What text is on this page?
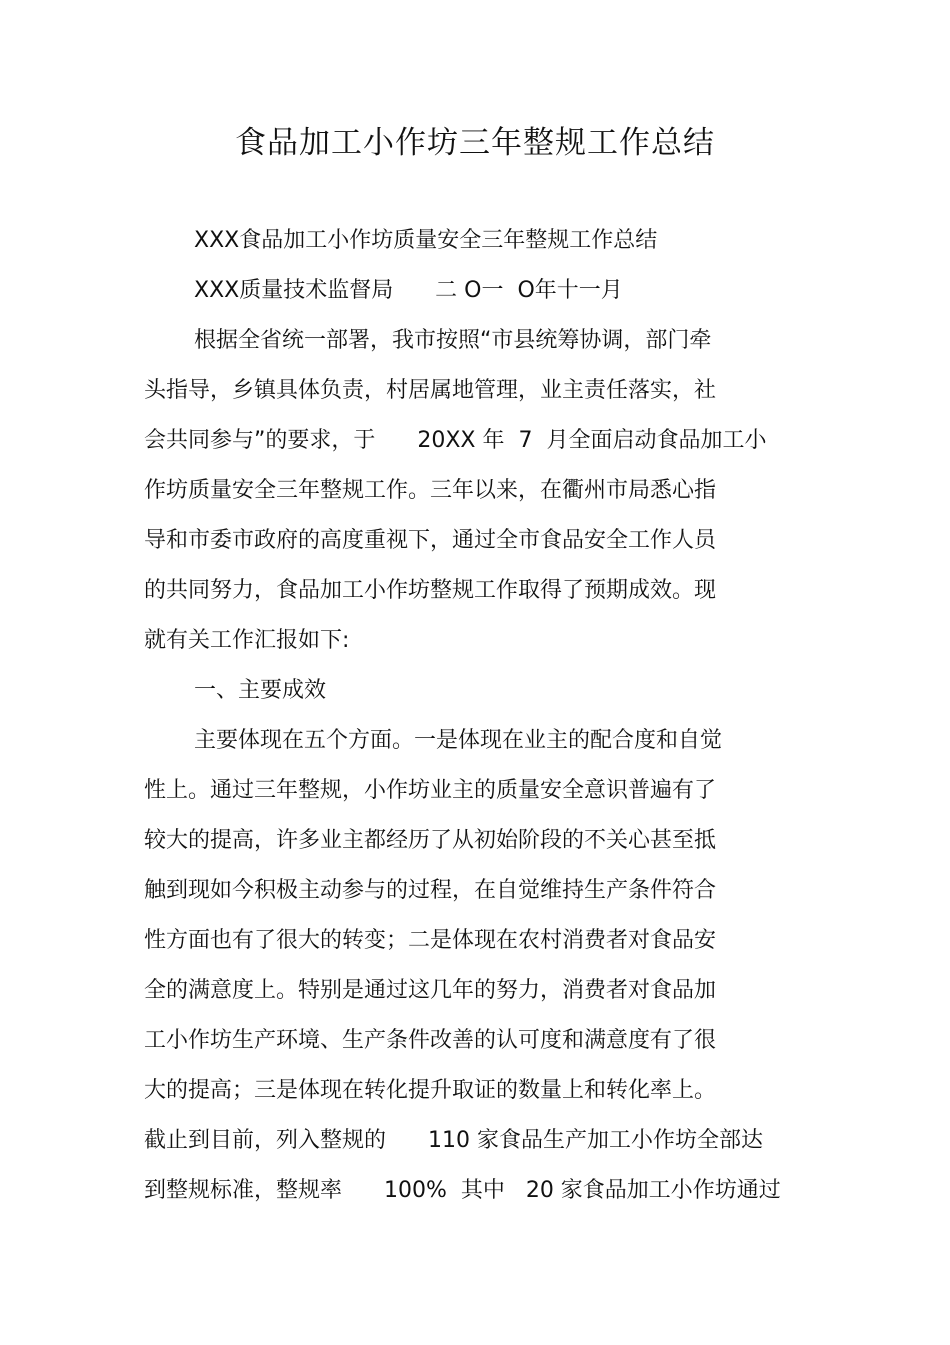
食品加工小作坊三年整规工作总结
XXX食品加工小作坊质量安全三年整规工作总结
XXX质量技术监督局      二 O一  O年十一月
根据全省统一部署，我市按照“市县统筹协调，部门牵
头指导，乡镇具体负责，村居属地管理，业主责任落实，社
会共同参与”的要求，于      20XX 年  7  月全面启动食品加工小
作坊质量安全三年整规工作。三年以来，在衢州市局悉心指
导和市委市政府的高度重视下，通过全市食品安全工作人员
的共同努力，食品加工小作坊整规工作取得了预期成效。现
就有关工作汇报如下:
一、主要成效
主要体现在五个方面。一是体现在业主的配合度和自觉
性上。通过三年整规，小作坊业主的质量安全意识普遍有了
较大的提高，许多业主都经历了从初始阶段的不关心甚至抵
触到现如今积极主动参与的过程，在自觉维持生产条件符合
性方面也有了很大的转变；二是体现在农村消费者对食品安
全的满意度上。特别是通过这几年的努力，消费者对食品加
工小作坊生产环境、生产条件改善的认可度和满意度有了很
大的提高；三是体现在转化提升取证的数量上和转化率上。
截止到目前，列入整规的      110 家食品生产加工小作坊全部达
到整规标准，整规率      100%  其中   20 家食品加工小作坊通过
